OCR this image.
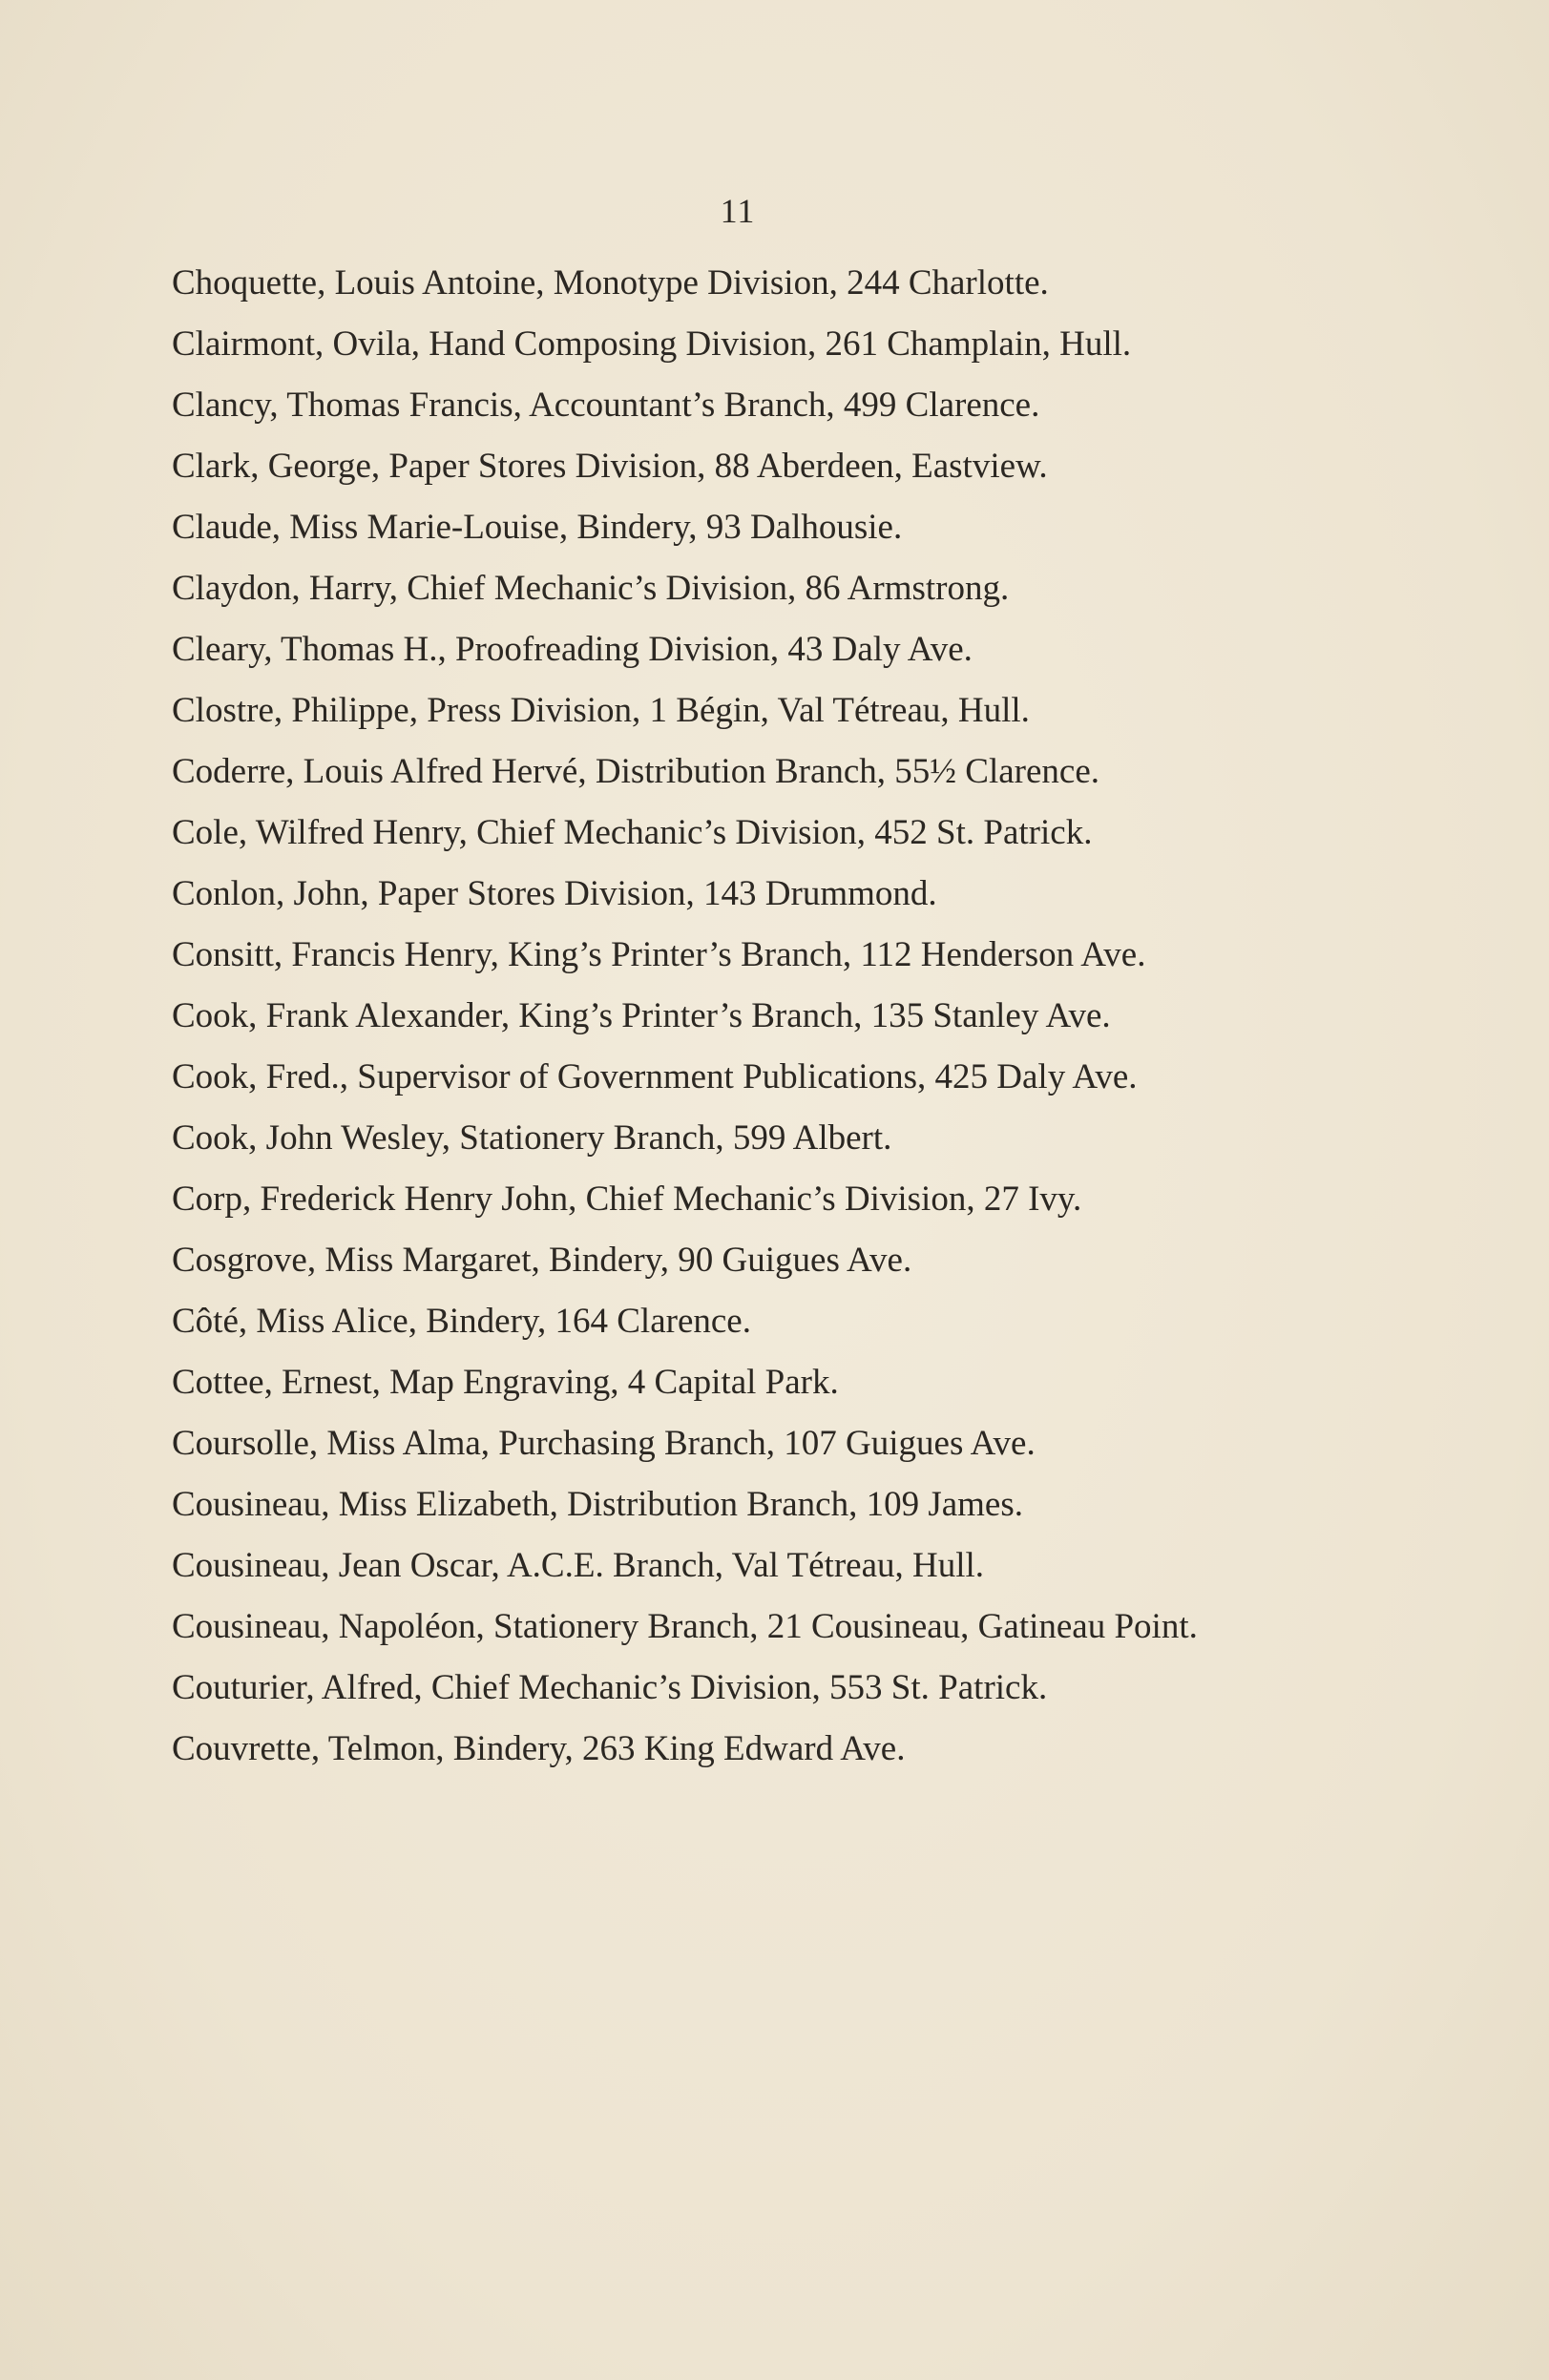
11
Choquette, Louis Antoine, Monotype Division, 244 Charlotte.
Clairmont, Ovila, Hand Composing Division, 261 Champlain, Hull.
Clancy, Thomas Francis, Accountant’s Branch, 499 Clarence.
Clark, George, Paper Stores Division, 88 Aberdeen, Eastview.
Claude, Miss Marie-Louise, Bindery, 93 Dalhousie.
Claydon, Harry, Chief Mechanic’s Division, 86 Armstrong.
Cleary, Thomas H., Proofreading Division, 43 Daly Ave.
Clostre, Philippe, Press Division, 1 Bégin, Val Tétreau, Hull.
Coderre, Louis Alfred Hervé, Distribution Branch, 55½ Clarence.
Cole, Wilfred Henry, Chief Mechanic’s Division, 452 St. Patrick.
Conlon, John, Paper Stores Division, 143 Drummond.
Consitt, Francis Henry, King’s Printer’s Branch, 112 Henderson Ave.
Cook, Frank Alexander, King’s Printer’s Branch, 135 Stanley Ave.
Cook, Fred., Supervisor of Government Publications, 425 Daly Ave.
Cook, John Wesley, Stationery Branch, 599 Albert.
Corp, Frederick Henry John, Chief Mechanic’s Division, 27 Ivy.
Cosgrove, Miss Margaret, Bindery, 90 Guigues Ave.
Côté, Miss Alice, Bindery, 164 Clarence.
Cottee, Ernest, Map Engraving, 4 Capital Park.
Coursolle, Miss Alma, Purchasing Branch, 107 Guigues Ave.
Cousineau, Miss Elizabeth, Distribution Branch, 109 James.
Cousineau, Jean Oscar, A.C.E. Branch, Val Tétreau, Hull.
Cousineau, Napoléon, Stationery Branch, 21 Cousineau, Gatineau Point.
Couturier, Alfred, Chief Mechanic’s Division, 553 St. Patrick.
Couvrette, Telmon, Bindery, 263 King Edward Ave.
